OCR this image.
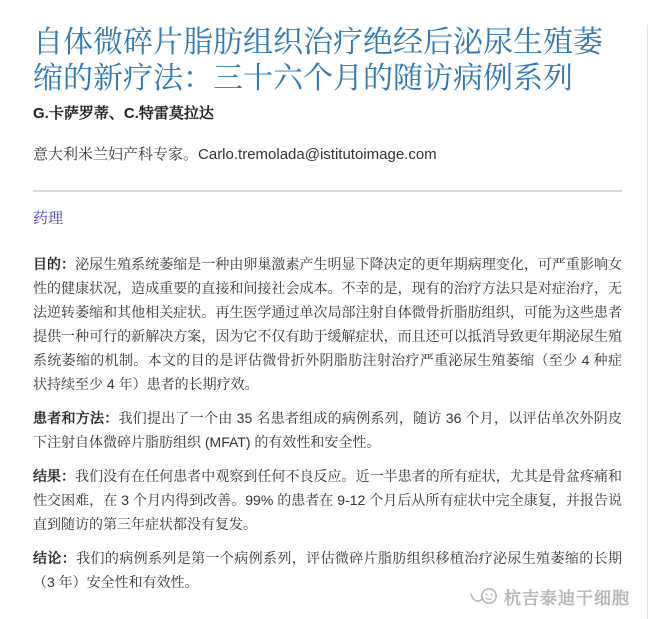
自体微碎片脂肪组织治疗绝经后泌尿生殖萎缩的新疗法：三十六个月的随访病例系列
G.卡萨罗蒂、C.特雷莫拉达
意大利米兰妇产科专家。Carlo.tremolada@istitutoimage.com
药理

目的：泌尿生殖系统萎缩是一种由卵巢激素产生明显下降决定的更年期病理变化，可严重影响女性的健康状况，造成重要的直接和间接社会成本。不幸的是，现有的治疗方法只是对症治疗，无法逆转萎缩和其他相关症状。再生医学通过单次局部注射自体微骨折脂肪组织，可能为这些患者提供一种可行的新解决方案，因为它不仅有助于缓解症状，而且还可以抵消导致更年期泌尿生殖系统萎缩的机制。本文的目的是评估微骨折外阴脂肪注射治疗严重泌尿生殖萎缩（至少 4 种症状持续至少 4 年）患者的长期疗效。

患者和方法：我们提出了一个由 35 名患者组成的病例系列，随访 36 个月，以评估单次外阴皮下注射自体微碎片脂肪组织 (MFAT) 的有效性和安全性。

结果：我们没有在任何患者中观察到任何不良反应。近一半患者的所有症状，尤其是骨盆疼痛和性交困难，在 3 个月内得到改善。99% 的患者在 9-12 个月后从所有症状中完全康复，并报告说直到随访的第三年症状都没有复发。

结论：我们的病例系列是第一个病例系列，评估微碎片脂肪组织移植治疗泌尿生殖萎缩的长期（3 年）安全性和有效性。

杭吉泰迪干细胞
